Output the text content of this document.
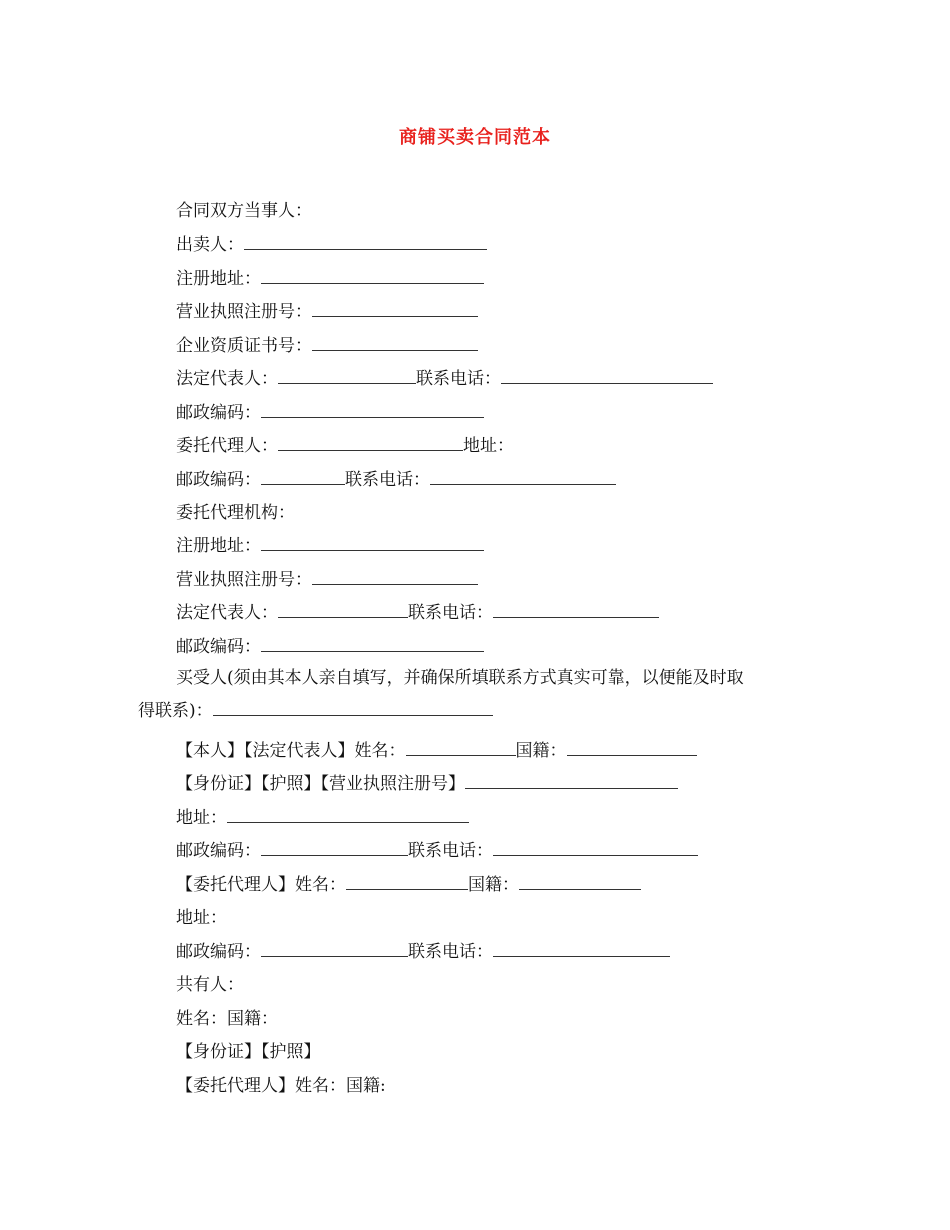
商铺买卖合同范本
合同双方当事人：
出卖人：
注册地址：
营业执照注册号：
企业资质证书号：
法定代表人：	联系电话：
邮政编码：
委托代理人：	地址：
邮政编码：	联系电话：
委托代理机构：
注册地址：
营业执照注册号：
法定代表人：	联系电话：
邮政编码：
买受人(须由其本人亲自填写，并确保所填联系方式真实可靠，以便能及时取
得联系)：
【本人】【法定代表人】姓名：	国籍：
【身份证】【护照】【营业执照注册号】
地址：
邮政编码：	联系电话：
【委托代理人】姓名：	国籍：
地址：
邮政编码：	联系电话：
共有人：
姓名：国籍：
【身份证】【护照】
【委托代理人】姓名：国籍:
